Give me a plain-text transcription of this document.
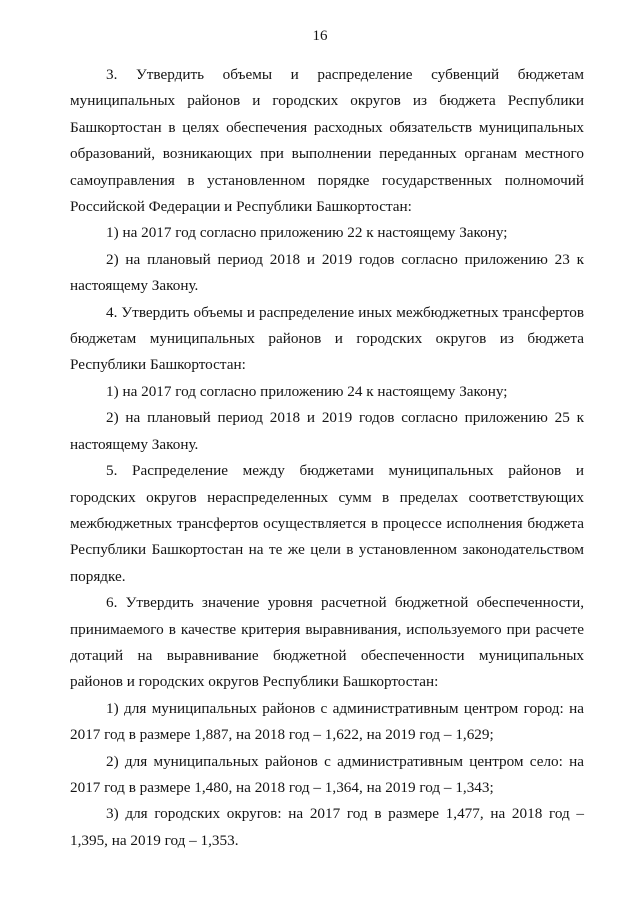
16

3. Утвердить объемы и распределение субвенций бюджетам муниципальных районов и городских округов из бюджета Республики Башкортостан в целях обеспечения расходных обязательств муниципальных образований, возникающих при выполнении переданных органам местного самоуправления в установленном порядке государственных полномочий Российской Федерации и Республики Башкортостан:

1) на 2017 год согласно приложению 22 к настоящему Закону;

2) на плановый период 2018 и 2019 годов согласно приложению 23 к настоящему Закону.

4. Утвердить объемы и распределение иных межбюджетных трансфертов бюджетам муниципальных районов и городских округов из бюджета Республики Башкортостан:

1) на 2017 год согласно приложению 24 к настоящему Закону;

2) на плановый период 2018 и 2019 годов согласно приложению 25 к настоящему Закону.

5. Распределение между бюджетами муниципальных районов и городских округов нераспределенных сумм в пределах соответствующих межбюджетных трансфертов осуществляется в процессе исполнения бюджета Республики Башкортостан на те же цели в установленном законодательством порядке.

6. Утвердить значение уровня расчетной бюджетной обеспеченности, принимаемого в качестве критерия выравнивания, используемого при расчете дотаций на выравнивание бюджетной обеспеченности муниципальных районов и городских округов Республики Башкортостан:

1) для муниципальных районов с административным центром город: на 2017 год в размере 1,887, на 2018 год – 1,622, на 2019 год – 1,629;

2) для муниципальных районов с административным центром село: на 2017 год в размере 1,480, на 2018 год – 1,364, на 2019 год – 1,343;

3) для городских округов: на 2017 год в размере 1,477, на 2018 год – 1,395, на 2019 год – 1,353.
